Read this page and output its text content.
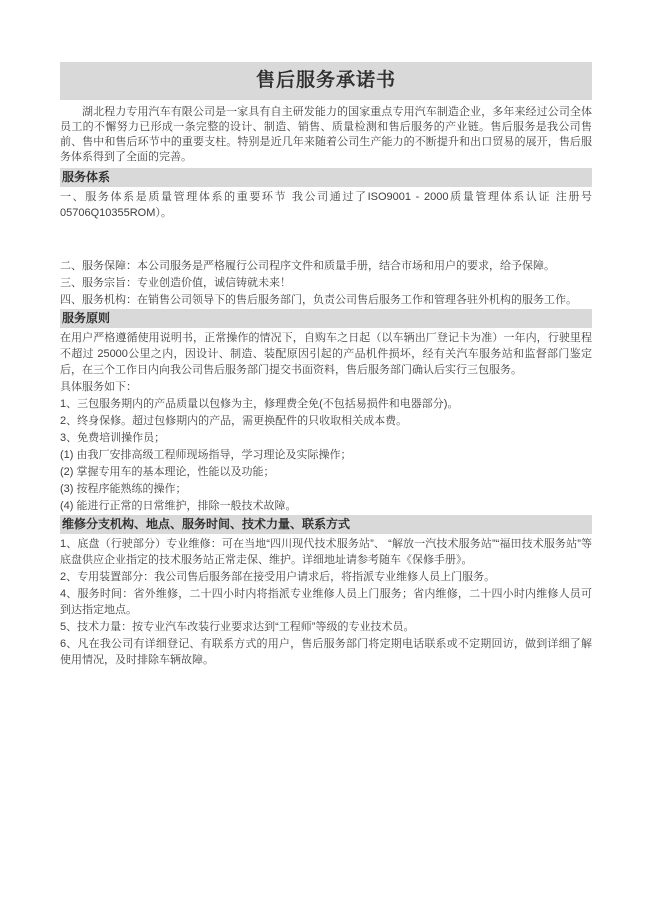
售后服务承诺书

湖北程力专用汽车有限公司是一家具有自主研发能力的国家重点专用汽车制造企业，多年来经过公司全体员工的不懈努力已形成一条完整的设计、制造、销售、质量检测和售后服务的产业链。售后服务是我公司售前、售中和售后环节中的重要支柱。特别是近几年来随着公司生产能力的不断提升和出口贸易的展开，售后服务体系得到了全面的完善。

服务体系

一、服务体系是质量管理体系的重要环节 我公司通过了ISO9001 - 2000质量管理体系认证 注册号05706Q10355ROM）。

二、服务保障：本公司服务是严格履行公司程序文件和质量手册，结合市场和用户的要求，给予保障。

三、服务宗旨：专业创造价值，诚信铸就未来！

四、服务机构：在销售公司领导下的售后服务部门，负责公司售后服务工作和管理各驻外机构的服务工作。

服务原则

在用户严格遵循使用说明书，正常操作的情况下，自购车之日起（以车辆出厂登记卡为准）一年内，行驶里程不超过 25000公里之内，因设计、制造、装配原因引起的产品机件损坏，经有关汽车服务站和监督部门鉴定后，在三个工作日内向我公司售后服务部门提交书面资料，售后服务部门确认后实行三包服务。

具体服务如下：

1、三包服务期内的产品质量以包修为主，修理费全免(不包括易损件和电器部分)。

2、终身保修。超过包修期内的产品，需更换配件的只收取相关成本费。

3、免费培训操作员；

(1) 由我厂安排高级工程师现场指导，学习理论及实际操作；

(2) 掌握专用车的基本理论，性能以及功能；

(3) 按程序能熟练的操作；

(4) 能进行正常的日常维护，排除一般技术故障。

维修分支机构、地点、服务时间、技术力量、联系方式

1、底盘（行驶部分）专业维修：可在当地“四川现代技术服务站”、 “解放一汽技术服务站”“福田技术服务站”等底盘供应企业指定的技术服务站正常走保、维护。详细地址请参考随车《保修手册》。

2、专用装置部分：我公司售后服务部在接受用户请求后，将指派专业维修人员上门服务。

4、服务时间：省外维修，二十四小时内将指派专业维修人员上门服务；省内维修，二十四小时内维修人员可到达指定地点。

5、技术力量：按专业汽车改装行业要求达到“工程师”等级的专业技术员。

6、凡在我公司有详细登记、有联系方式的用户，售后服务部门将定期电话联系或不定期回访，做到详细了解使用情况，及时排除车辆故障。
